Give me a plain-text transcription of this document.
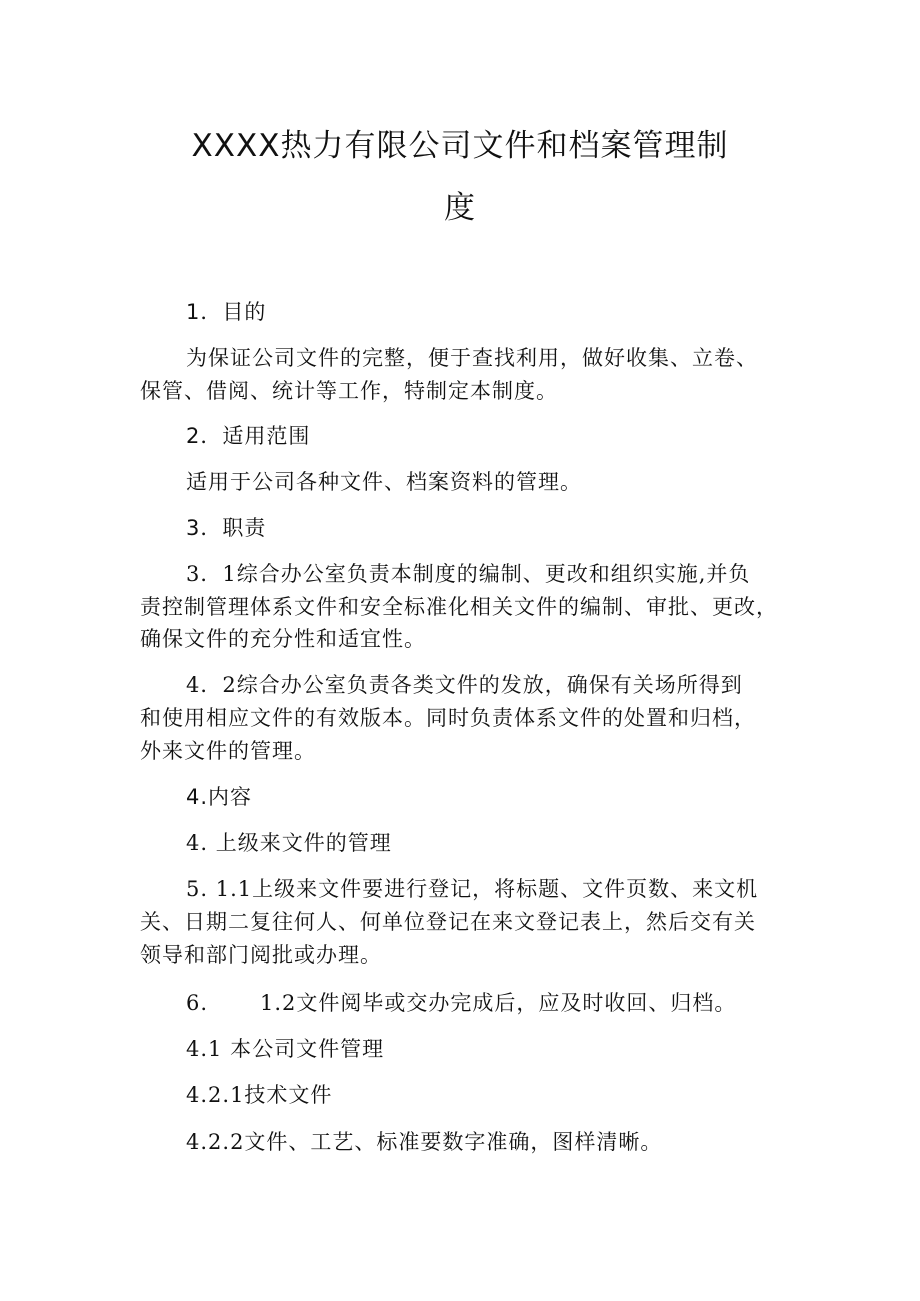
XXXX热力有限公司文件和档案管理制
度
1．目的
为保证公司文件的完整，便于查找利用，做好收集、立卷、
保管、借阅、统计等工作，特制定本制度。
2．适用范围
适用于公司各种文件、档案资料的管理。
3．职责
3．1综合办公室负责本制度的编制、更改和组织实施,并负
责控制管理体系文件和安全标准化相关文件的编制、审批、更改，
确保文件的充分性和适宜性。
4．2综合办公室负责各类文件的发放，确保有关场所得到
和使用相应文件的有效版本。同时负责体系文件的处置和归档，
外来文件的管理。
4.内容
4. 上级来文件的管理
5. 1.1上级来文件要进行登记，将标题、文件页数、来文机
关、日期二复往何人、何单位登记在来文登记表上，然后交有关
领导和部门阅批或办理。
6. 1.2文件阅毕或交办完成后，应及时收回、归档。
4.1 本公司文件管理
4.2.1技术文件
4.2.2文件、工艺、标准要数字准确，图样清晰。
